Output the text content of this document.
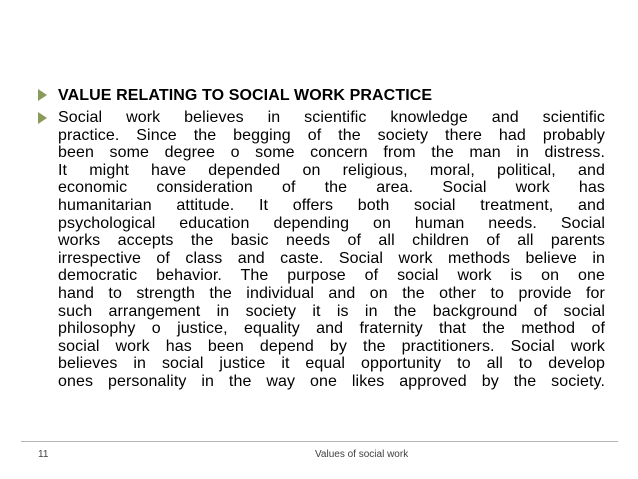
VALUE RELATING TO SOCIAL WORK PRACTICE
Social work believes in scientific knowledge and scientific
practice. Since the begging of the society there had probably
been some degree o some concern from the man in distress.
It might have depended on religious, moral, political, and
economic consideration of the area. Social work has
humanitarian attitude. It offers both social treatment, and
psychological education depending on human needs. Social
works accepts the basic needs of all children of all parents
irrespective of class and caste. Social work methods believe in
democratic behavior. The purpose of social work is on one
hand to strength the individual and on the other to provide for
such arrangement in society it is in the background of social
philosophy o justice, equality and fraternity that the method of
social work has been depend by the practitioners. Social work
believes in social justice it equal opportunity to all to develop
ones personality in the way one likes approved by the society.
11	Values of social work
